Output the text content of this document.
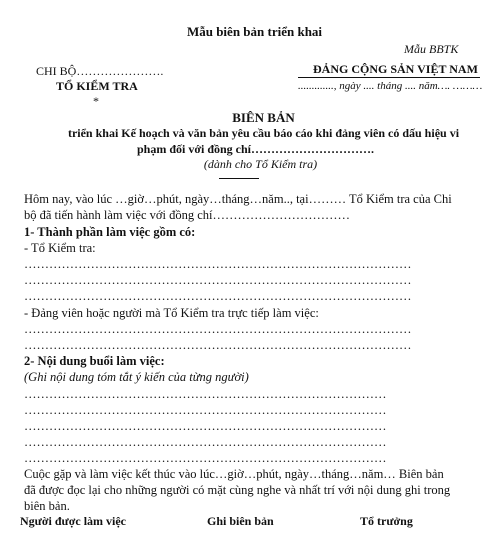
Mẫu biên bản triển khai
Mẫu BBTK
CHI BỘ………………….
TỔ KIỂM TRA
*
ĐẢNG CỘNG SẢN VIỆT NAM
............., ngày .... tháng .... năm…. ………
BIÊN BẢN
triển khai Kế hoạch và văn bản yêu cầu báo cáo khi đảng viên có dấu hiệu vi
phạm đối với đồng chí………………………….
(dành cho Tổ Kiểm tra)
Hôm nay, vào lúc …giờ…phút, ngày…tháng…năm.., tại……… Tổ Kiểm tra của Chi
bộ đã tiến hành làm việc với đồng chí……………………………
1- Thành phần làm việc gồm có:
- Tổ Kiểm tra:
…………………………………………………………………………………
…………………………………………………………………………………
…………………………………………………………………………………
- Đảng viên hoặc người mà Tổ Kiểm tra trực tiếp làm việc:
…………………………………………………………………………………
…………………………………………………………………………………
2- Nội dung buổi làm việc:
(Ghi nội dung tóm tắt ý kiến của từng người)
……………………………………………………………………………
……………………………………………………………………………
……………………………………………………………………………
……………………………………………………………………………
……………………………………………………………………………
Cuộc gặp và làm việc kết thúc vào lúc…giờ…phút, ngày…tháng…năm… Biên bản
đã được đọc lại cho những người có mặt cùng nghe và nhất trí với nội dung ghi trong
biên bản.
Người được làm việc	Ghi biên bản	Tổ trưởng
